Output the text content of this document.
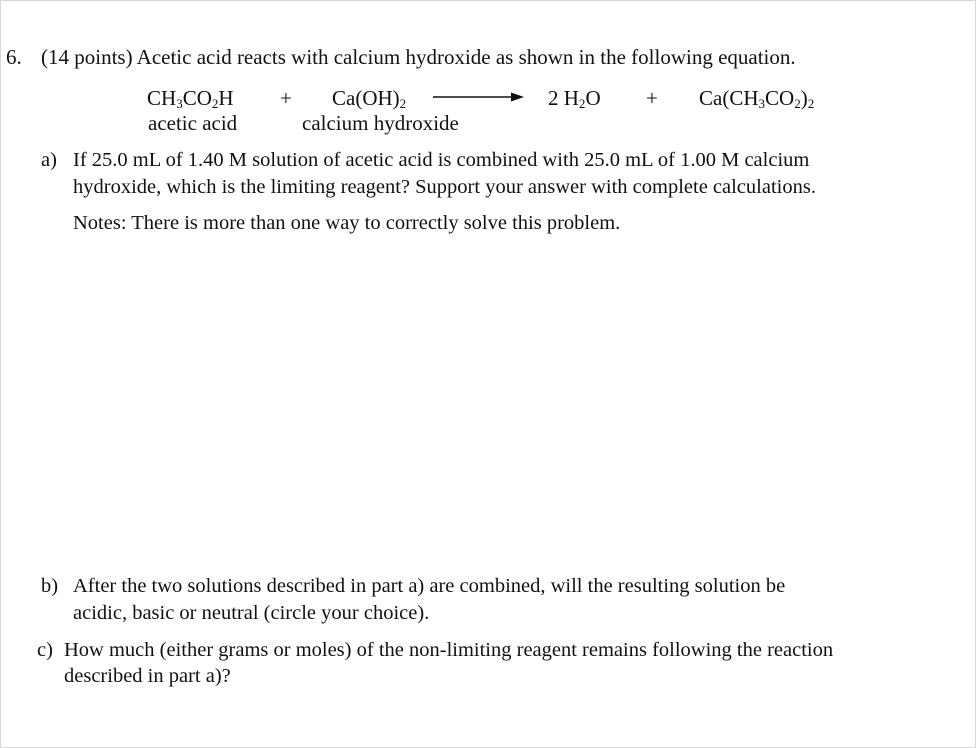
6. (14 points) Acetic acid reacts with calcium hydroxide as shown in the following equation.
$CH_3CO_2H + Ca(OH)_2$	2 $H_2O + Ca(CH_3CO_2)_2$
acetic acid	calcium hydroxide
a) If 25.0 mL of 1.40 M solution of acetic acid is combined with 25.0 mL of 1.00 M calcium
hydroxide, which is the limiting reagent? Support your answer with complete calculations.
Notes: There is more than one way to correctly solve this problem.
b) After the two solutions described in part a) are combined, will the resulting solution be
acidic, basic or neutral (circle your choice).
c) How much (either grams or moles) of the non-limiting reagent remains following the reaction
described in part a)?
